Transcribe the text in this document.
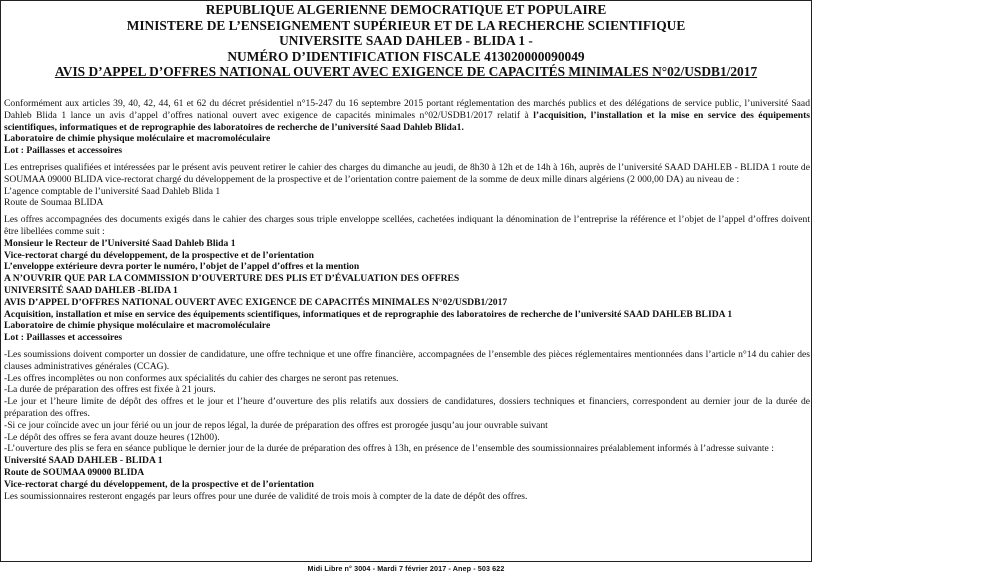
REPUBLIQUE ALGERIENNE DEMOCRATIQUE ET POPULAIRE
MINISTERE DE L’ENSEIGNEMENT SUPÉRIEUR ET DE LA RECHERCHE SCIENTIFIQUE
UNIVERSITE SAAD DAHLEB - BLIDA 1 -
NUMÉRO D’IDENTIFICATION FISCALE 413020000090049
AVIS D’APPEL D’OFFRES NATIONAL OUVERT AVEC EXIGENCE DE CAPACITÉS MINIMALES N°02/USDB1/2017

Conformément aux articles 39, 40, 42, 44, 61 et 62 du décret présidentiel n°15-247 du 16 septembre 2015 portant réglementation des marchés publics et des délégations de service public, l’université Saad Dahleb Blida 1 lance un avis d’appel d’offres national ouvert avec exigence de capacités minimales n°02/USDB1/2017 relatif à l’acquisition, l’installation et la mise en service des équipements scientifiques, informatiques et de reprographie des laboratoires de recherche de l’université Saad Dahleb Blida1.

Laboratoire de chimie physique moléculaire et macromoléculaire

Lot : Paillasses et accessoires

Les entreprises qualifiées et intéressées par le présent avis peuvent retirer le cahier des charges du dimanche au jeudi, de 8h30 à 12h et de 14h à 16h, auprès de l’université SAAD DAHLEB - BLIDA 1 route de SOUMAA 09000 BLIDA vice-rectorat chargé du développement de la prospective et de l’orientation contre paiement de la somme de deux mille dinars algériens (2 000,00 DA) au niveau de :

L’agence comptable de l’université Saad Dahleb Blida 1

Route de Soumaa BLIDA

Les offres accompagnées des documents exigés dans le cahier des charges sous triple enveloppe scellées, cachetées indiquant la dénomination de l’entreprise la référence et l’objet de l’appel d’offres doivent être libellées comme suit :

Monsieur le Recteur de l’Université Saad Dahleb Blida 1

Vice-rectorat chargé du développement, de la prospective et de l’orientation

L’enveloppe extérieure devra porter le numéro, l’objet de l’appel d’offres et la mention

A N’OUVRIR QUE PAR LA COMMISSION D’OUVERTURE DES PLIS ET D’ÉVALUATION DES OFFRES

UNIVERSITÉ SAAD DAHLEB -BLIDA 1

AVIS D’APPEL D’OFFRES NATIONAL OUVERT AVEC EXIGENCE DE CAPACITÉS MINIMALES N°02/USDB1/2017

Acquisition, installation et mise en service des équipements scientifiques, informatiques et de reprographie des laboratoires de recherche de l’université SAAD DAHLEB BLIDA 1

Laboratoire de chimie physique moléculaire et macromoléculaire

Lot : Paillasses et accessoires

-Les soumissions doivent comporter un dossier de candidature, une offre technique et une offre financière, accompagnées de l’ensemble des pièces réglementaires mentionnées dans l’article n°14 du cahier des clauses administratives générales (CCAG).

-Les offres incomplètes ou non conformes aux spécialités du cahier des charges ne seront pas retenues.

-La durée de préparation des offres est fixée à 21 jours.

-Le jour et l’heure limite de dépôt des offres et le jour et l’heure d’ouverture des plis relatifs aux dossiers de candidatures, dossiers techniques et financiers, correspondent au dernier jour de la durée de préparation des offres.

-Si ce jour coïncide avec un jour férié ou un jour de repos légal, la durée de préparation des offres est prorogée jusqu’au jour ouvrable suivant

-Le dépôt des offres se fera avant douze heures (12h00).

-L’ouverture des plis se fera en séance publique le dernier jour de la durée de préparation des offres à 13h, en présence de l’ensemble des soumissionnaires préalablement informés à l’adresse suivante :

Université SAAD DAHLEB - BLIDA 1

Route de SOUMAA 09000 BLIDA

Vice-rectorat chargé du développement, de la prospective et de l’orientation

Les soumissionnaires resteront engagés par leurs offres pour une durée de validité de trois mois à compter de la date de dépôt des offres.

Midi Libre n° 3004 - Mardi 7 février 2017 - Anep - 503 622
